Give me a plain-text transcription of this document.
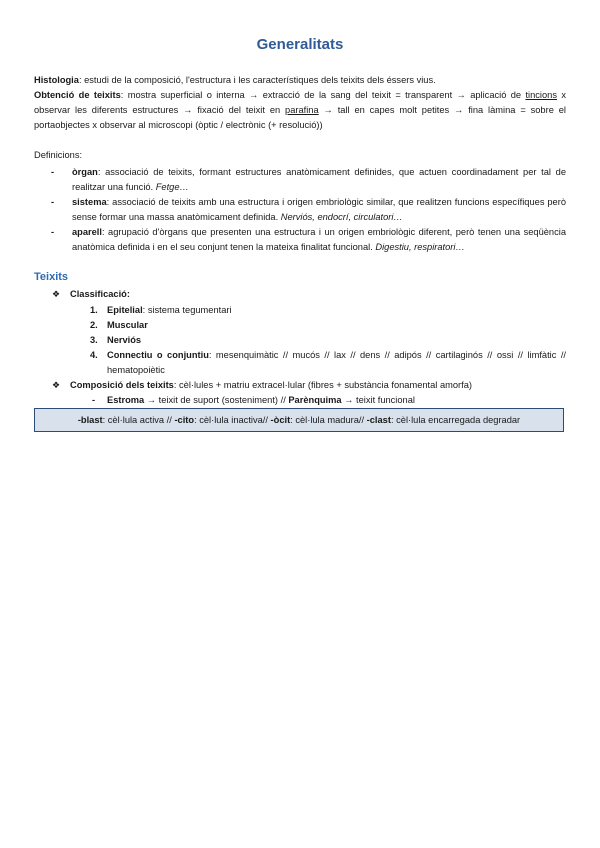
Generalitats

Histologia: estudi de la composició, l'estructura i les característiques dels teixits dels éssers vius.

Obtenció de teixits: mostra superficial o interna → extracció de la sang del teixit = transparent → aplicació de tincions x observar les diferents estructures → fixació del teixit en parafina → tall en capes molt petites → fina làmina = sobre el portaobjectes x observar al microscopi (òptic / electrònic (+ resolució))

Definicions:

- òrgan: associació de teixits, formant estructures anatòmicament definides, que actuen coordinadament per tal de realitzar una funció. Fetge…
- sistema: associació de teixits amb una estructura i origen embriològic similar, que realitzen funcions específiques però sense formar una massa anatòmicament definida. Nerviós, endocrí, circulatori…
- aparell: agrupació d'òrgans que presenten una estructura i un origen embriològic diferent, però tenen una seqüència anatòmica definida i en el seu conjunt tenen la mateixa finalitat funcional. Digestiu, respiratori…
Teixits
❖ Classificació:
1. Epitelial: sistema tegumentari
2. Muscular
3. Nerviós
4. Connectiu o conjuntiu: mesenquimàtic // mucós // lax // dens // adipós // cartilaginós // ossi // limfàtic // hematopoiètic
❖ Composició dels teixits: cèl·lules + matriu extracel·lular (fibres + substància fonamental amorfa)
- Estroma → teixit de suport (sosteniment) // Parènquima → teixit funcional
-blast: cèl·lula activa // -cito: cèl·lula inactiva// -òcit: cèl·lula madura// -clast: cèl·lula encarregada degradar
